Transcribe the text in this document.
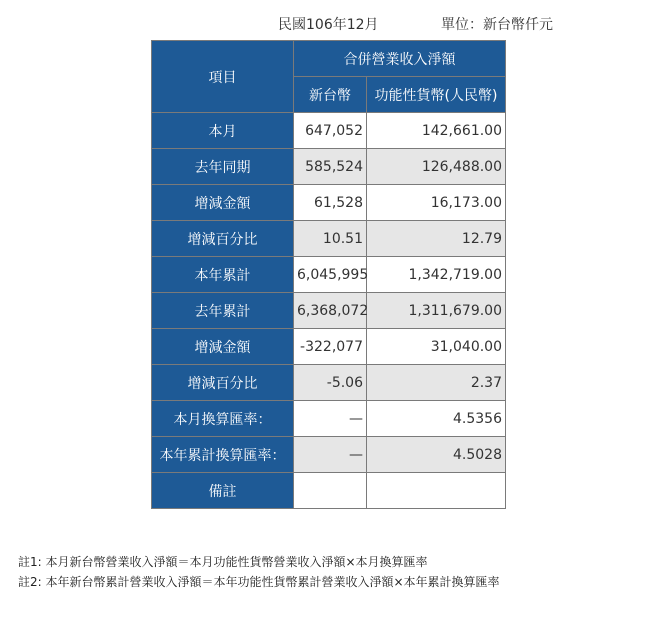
民國106年12月	單位：新台幣仟元
項目	合併營業收入淨額	
	新台幣	功能性貨幣(人民幣)
本月	647,052	142,661.00
去年同期	585,524	126,488.00
增減金額	61,528	16,173.00
增減百分比	10.51	12.79
本年累計	6,045,995	1,342,719.00
去年累計	6,368,072	1,311,679.00
增減金額	-322,077	31,040.00
增減百分比	-5.06	2.37
本月換算匯率：	—	4.5356
本年累計換算匯率：	—	4.5028
備註		
註1: 本月新台幣營業收入淨額＝本月功能性貨幣營業收入淨額×本月換算匯率
註2: 本年新台幣累計營業收入淨額＝本年功能性貨幣累計營業收入淨額×本年累計換算匯率
